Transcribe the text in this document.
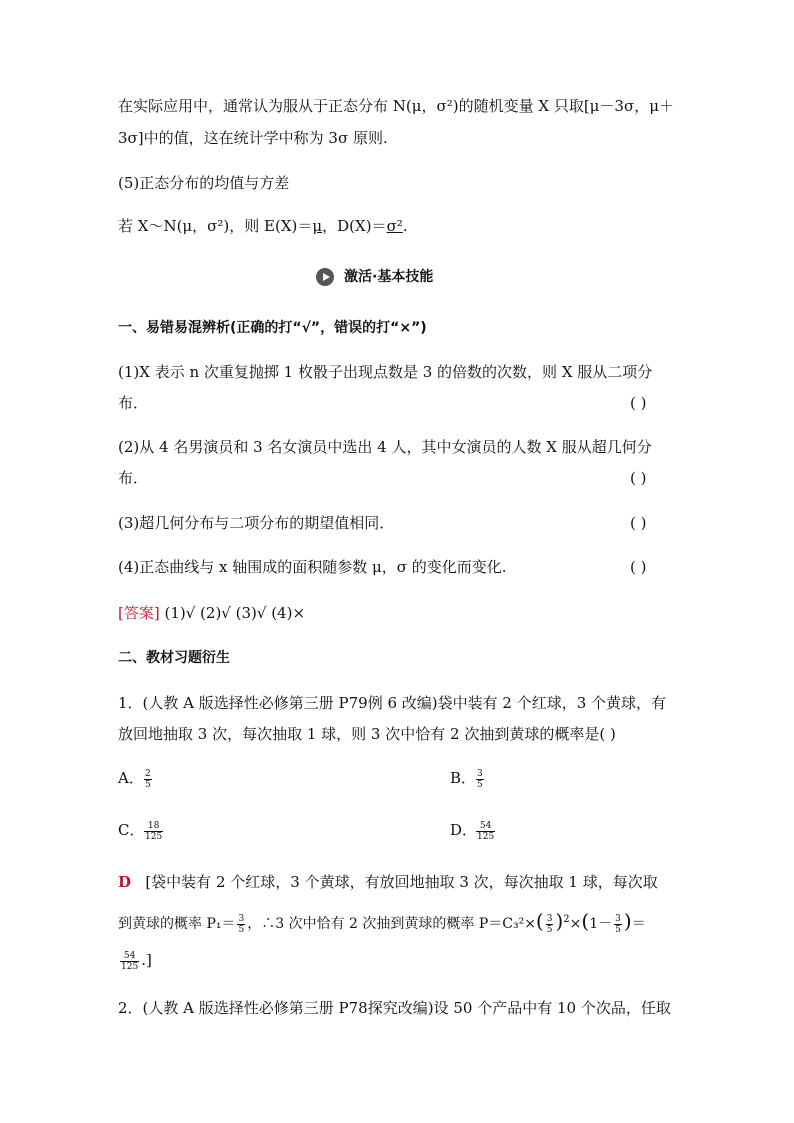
在实际应用中，通常认为服从于正态分布 N(μ，σ²)的随机变量 X 只取[μ－3σ，μ＋
3σ]中的值，这在统计学中称为 3σ 原则.
(5)正态分布的均值与方差
若 X～N(μ，σ²)，则 E(X)＝μ，D(X)＝σ².
激活·基本技能
一、易错易混辨析(正确的打“√”，错误的打“×”)
(1)X 表示 n 次重复抛掷 1 枚骰子出现点数是 3 的倍数的次数，则 X 服从二项分
布．	( )
(2)从 4 名男演员和 3 名女演员中选出 4 人，其中女演员的人数 X 服从超几何分
布．	( )
(3)超几何分布与二项分布的期望值相同．	( )
(4)正态曲线与 x 轴围成的面积随参数 μ，σ 的变化而变化.	( )
[答案] (1)√ (2)√ (3)√ (4)×
二、教材习题衍生
1．(人教 A 版选择性必修第三册 P79例 6 改编)袋中装有 2 个红球，3 个黄球，有
放回地抽取 3 次，每次抽取 1 球，则 3 次中恰有 2 次抽到黄球的概率是( )
A． $\frac{2}{5}$	B． $\frac{3}{5}$
C． $\frac{18}{125}$	D．
$\frac{54}{125}$
D [袋中装有 2 个红球，3 个黄球，有放回地抽取 3 次，每次抽取 1 球，每次取
到黄球的概率 $P_1= \frac{3}{5}$ ，∴3 次中恰有 2 次抽到黄球的概率 $P=C_3^2\times( \frac{3}{5} )^2\times(1- \frac{3}{5}$ )＝
$\frac{54}{125}$ .]
2．(人教 A 版选择性必修第三册 P78探究改编)设 50 个产品中有 10 个次品，任取
